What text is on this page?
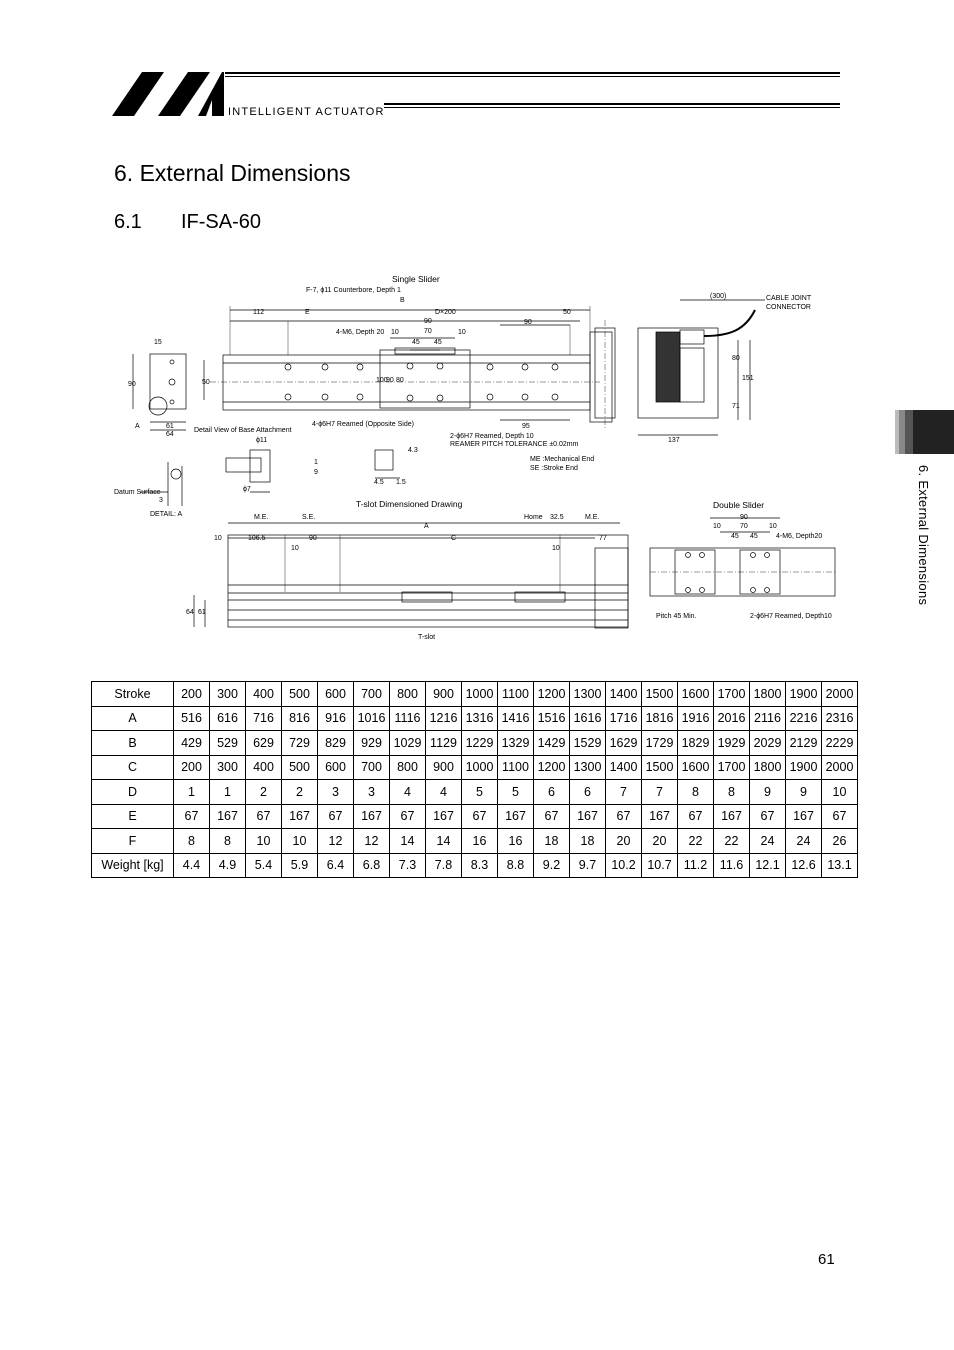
INTELLIGENT ACTUATOR
6. External Dimensions
6.1 IF-SA-60
6. External Dimensions
Single Slider
F-7, ϕ11 Counterbore, Depth 1
B
112	E	D×200	50
90	90
4-M6, Depth 20 10	70	10
45 45
(300)	CABLE JOINT
CONNECTOR
15
50
90
100
90 80
80
151
71
137
95
61
64
A
Detail View of Base Attachment
4-ϕ6H7 Reamed (Opposite Side)
2-ϕ6H7 Reamed, Depth 10
REAMER PITCH TOLERANCE ±0.02mm
ME :Mechanical End
SE :Stroke End
ϕ11
ϕ7
1
9
4.3
4.5 1.5
3
Datum Surface
DETAIL: A
T-slot Dimensioned Drawing
M.E.	S.E.	Home 32.5	M.E.
A
10	106.5	90	C	77
10	10
64 61
T-slot
Double Slider
90
10	70	10
45 45	4-M6, Depth20
Pitch 45 Min.	2-ϕ6H7 Reamed, Depth10
Stroke	200	300	400	500	600	700	800	900	1000	1100	1200	1300	1400	1500	1600	1700	1800	1900	2000
A	516	616	716	816	916	1016	1116	1216	1316	1416	1516	1616	1716	1816	1916	2016	2116	2216	2316
B	429	529	629	729	829	929	1029	1129	1229	1329	1429	1529	1629	1729	1829	1929	2029	2129	2229
C	200	300	400	500	600	700	800	900	1000	1100	1200	1300	1400	1500	1600	1700	1800	1900	2000
D	1	1	2	2	3	3	4	4	5	5	6	6	7	7	8	8	9	9	10
E	67	167	67	167	67	167	67	167	67	167	67	167	67	167	67	167	67	167	67
F	8	8	10	10	12	12	14	14	16	16	18	18	20	20	22	22	24	24	26
Weight [kg]	4.4	4.9	5.4	5.9	6.4	6.8	7.3	7.8	8.3	8.8	9.2	9.7	10.2	10.7	11.2	11.6	12.1	12.6	13.1
61
